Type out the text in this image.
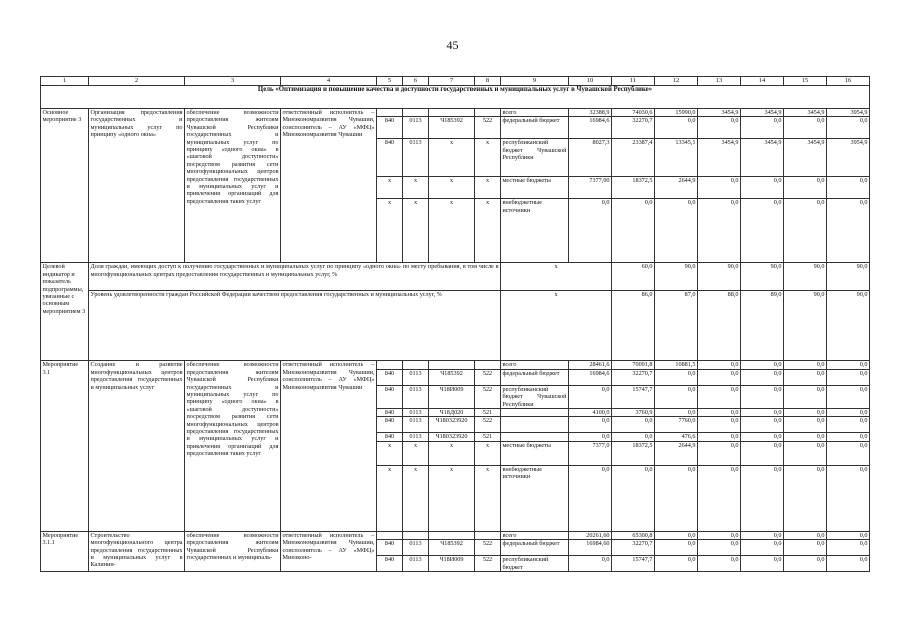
45
1	2	3	4	5	6	7	8	9	10	11	12	13	14	15	16	
Цель «Оптимизация и повышение качества и доступности государственных и муниципальных услуг в Чувашской Республике»																
Основное мероприятие 3	Организация предоставления государственных и муниципальных услуг по принципу «одного окна»	обеспечение возможности предоставления жителям Чувашской Республики государственных и муниципальных услуг по принципу «одного окна» в «шаговой доступности» посредством развития сети многофункциональных центров предоставления государственных и муниципальных услуг и привлечения организаций для предоставления таких услуг	ответственный исполнитель – Минэкономразвития Чувашии, соисполнитель – АУ «МФЦ» Минэкономразвития Чувашии					всего	32388,9	74030,6	15990,0	3454,9	3454,9	3454,9	3954,9	
				840	0113	Ч185392	522	федеральный бюджет	16984,6	32270,7	0,0	0,0	0,0	0,0	0,0	
				840	0113	х	х	республиканский бюджет Чувашской Республики	8027,3	23387,4	13345,1	3454,9	3454,9	3454,9	3954,9	
				х	х	х	х	местные бюджеты	7377,00	18372,5	2644,9	0,0	0,0	0,0	0,0	
				х	х	х	х	внебюджетные источники	0,0	0,0	0,0	0,0	0,0	0,0	0,0	
Целевой индикатор и показатель подпрограммы, увязанные с основным мероприятием 3	Доля граждан, имеющих доступ к получению государственных и муниципальных услуг по принципу «одного окна» по месту пребывания, в том числе в многофункциональных центрах предоставления государственных и муниципальных услуг, %							х		60,0	90,0	90,0	90,0	90,0	90,0	
	Уровень удовлетворенности граждан Российской Федерации качеством предоставления государственных и муниципальных услуг, %							х		86,0	87,0	88,0	89,0	90,0	90,0	
Мероприятие 3.1	Создание и развитие многофункциональных центров предоставления государственных и муниципальных услуг	обеспечение возможности предоставления жителям Чувашской Республики государственных и муниципальных услуг по принципу «одного окна» в «шаговой доступности» посредством развития сети многофункциональных центров предоставления государственных и муниципальных услуг и привлечения организаций для предоставления таких услуг	ответственный исполнитель – Минэкономразвития Чувашии, соисполнитель – АУ «МФЦ» Минэкономразвития Чувашии					всего	28461,6	70091,8	10881,5	0,0	0,0	0,0	0,0	
				840	0113	Ч185392	522	федеральный бюджет	16984,6	32270,7	0,0	0,0	0,0	0,0	0,0	
				840	0113	Ч18И009	522	республиканский бюджет Чувашской Республики	0,0	15747,7	0,0	0,0	0,0	0,0	0,0	
				840	0113	Ч18Д020	521		4100,0	3760,9	0,0	0,0	0,0	0,0	0,0	
				840	0113	Ч180323920	522		0,0	0,0	7760,0	0,0	0,0	0,0	0,0	
				840	0113	Ч180323920	521		0,0	0,0	476,6	0,0	0,0	0,0	0,0	
				х	х	х	х	местные бюджеты	7377,0	18372,5	2644,9	0,0	0,0	0,0	0,0	
				х	х	х	х	внебюджетные источники	0,0	0,0	0,0	0,0	0,0	0,0	0,0	
Мероприятие 3.1.1	Строительство многофункционального центра предоставления государственных и муниципальных услуг в Калинин-	обеспечение возможности предоставления жителям Чувашской Республики государственных и муниципаль-	ответственный исполнитель – Минэкономразвития Чувашии, соисполнитель – АУ «МФЦ» Минэконо-					всего	20261,60	65300,8	0,0	0,0	0,0	0,0	0,0	
				840	0113	Ч185392	522	федеральный бюджет	16984,60	32270,7	0,0	0,0	0,0	0,0	0,0	
				840	0113	Ч18И009	522	республиканский бюджет	0,0	15747,7	0,0	0,0	0,0	0,0	0,0	
